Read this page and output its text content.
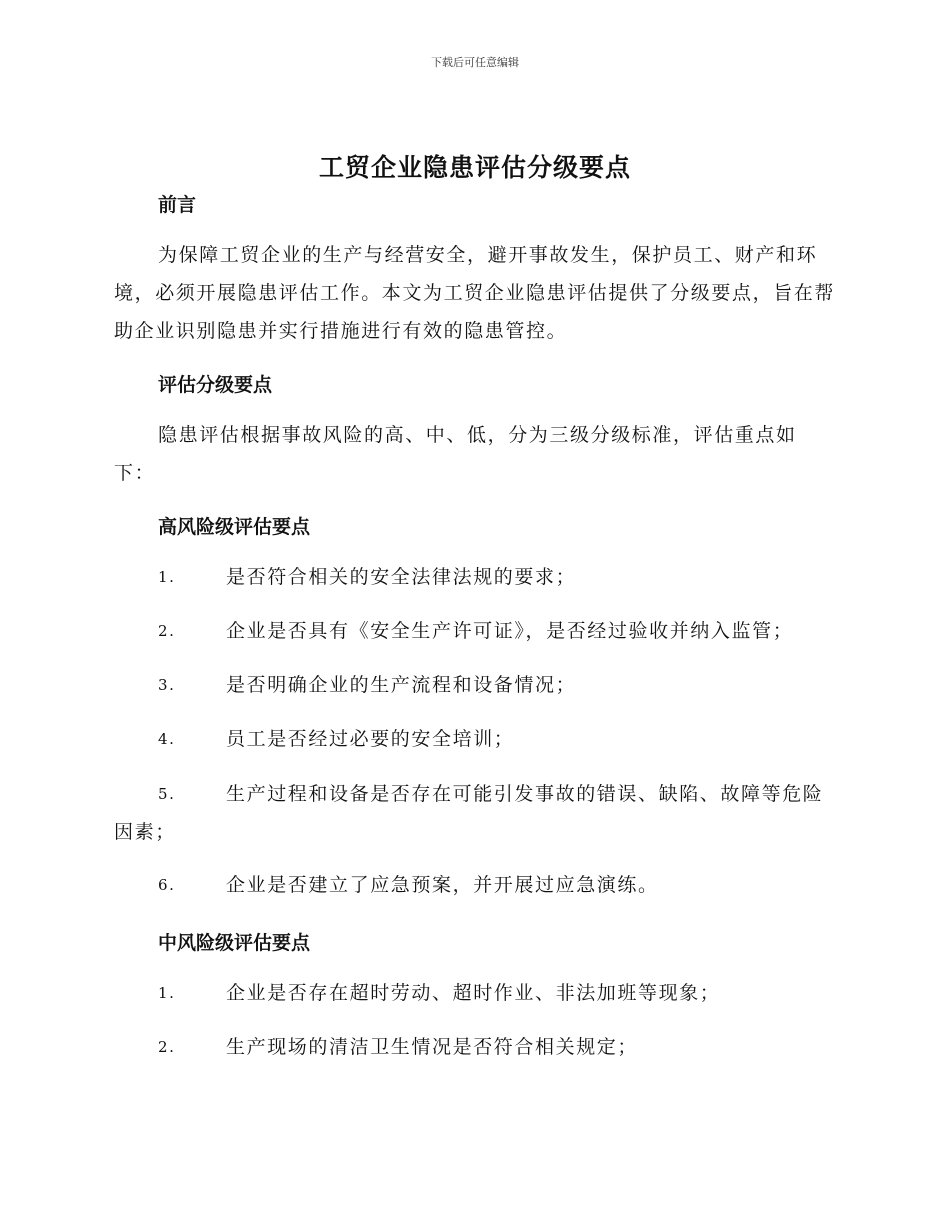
下载后可任意编辑
工贸企业隐患评估分级要点
前言

为保障工贸企业的生产与经营安全，避开事故发生，保护员工、财产和环境，必须开展隐患评估工作。本文为工贸企业隐患评估提供了分级要点，旨在帮助企业识别隐患并实行措施进行有效的隐患管控。

评估分级要点

隐患评估根据事故风险的高、中、低，分为三级分级标准，评估重点如下：

高风险级评估要点
1.	是否符合相关的安全法律法规的要求；
2.	企业是否具有《安全生产许可证》，是否经过验收并纳入监管；
3.	是否明确企业的生产流程和设备情况；
4.	员工是否经过必要的安全培训；
5.	生产过程和设备是否存在可能引发事故的错误、缺陷、故障等危险因素；
6.	企业是否建立了应急预案，并开展过应急演练。
中风险级评估要点
1.	企业是否存在超时劳动、超时作业、非法加班等现象；
2.	生产现场的清洁卫生情况是否符合相关规定；
